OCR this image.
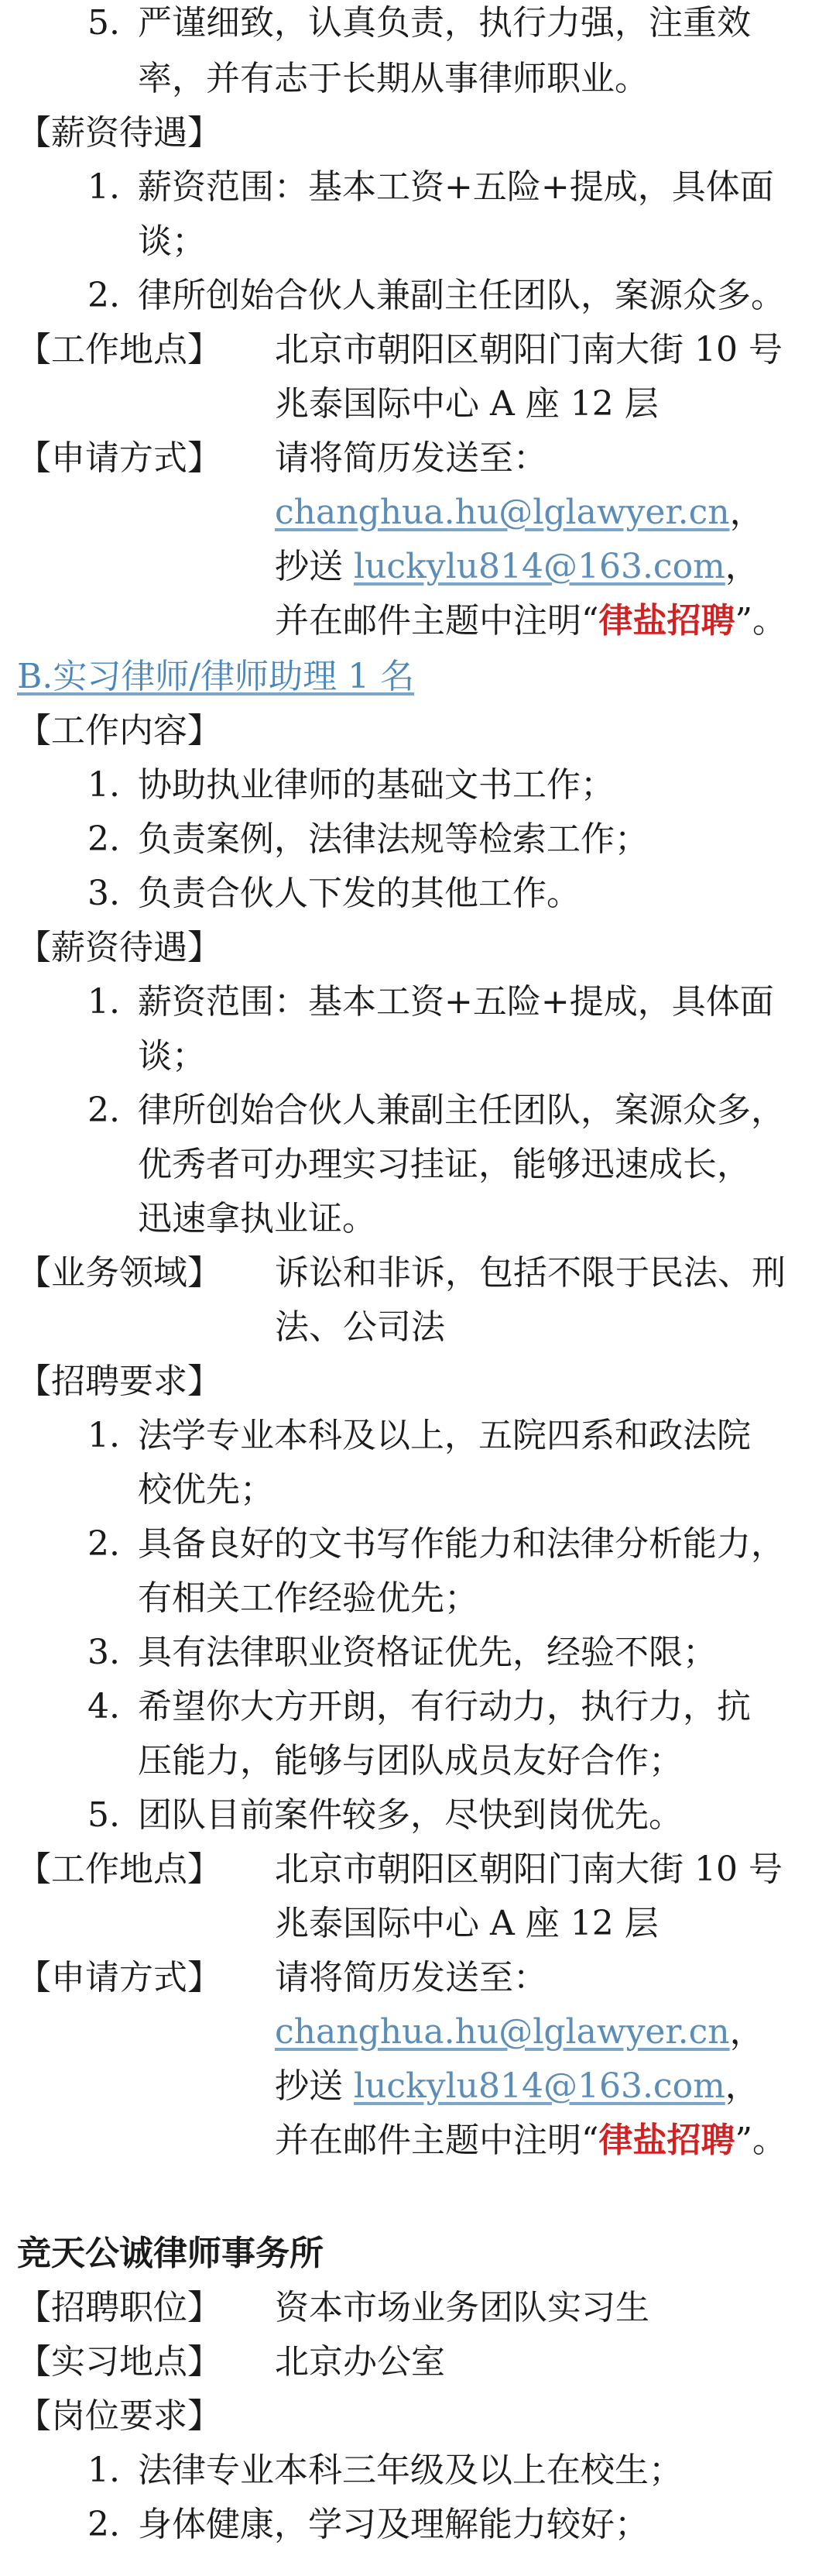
5. 严谨细致，认真负责，执行力强，注重效
率，并有志于长期从事律师职业。
【薪资待遇】
1. 薪资范围：基本工资+五险+提成，具体面
谈；
2. 律所创始合伙人兼副主任团队，案源众多。
【工作地点】 北京市朝阳区朝阳门南大街 10 号
兆泰国际中心 A 座 12 层
【申请方式】 请将简历发送至：
changhua.hu@lglawyer.cn，
抄送 luckylu814@163.com，
并在邮件主题中注明“律盐招聘”。
B.实习律师/律师助理 1 名
【工作内容】
1. 协助执业律师的基础文书工作；
2. 负责案例，法律法规等检索工作；
3. 负责合伙人下发的其他工作。
【薪资待遇】
1. 薪资范围：基本工资+五险+提成，具体面
谈；
2. 律所创始合伙人兼副主任团队，案源众多，
优秀者可办理实习挂证，能够迅速成长，
迅速拿执业证。
【业务领域】 诉讼和非诉，包括不限于民法、刑
法、公司法
【招聘要求】
1. 法学专业本科及以上，五院四系和政法院
校优先；
2. 具备良好的文书写作能力和法律分析能力，
有相关工作经验优先；
3. 具有法律职业资格证优先，经验不限；
4. 希望你大方开朗，有行动力，执行力，抗
压能力，能够与团队成员友好合作；
5. 团队目前案件较多，尽快到岗优先。
【工作地点】 北京市朝阳区朝阳门南大街 10 号
兆泰国际中心 A 座 12 层
【申请方式】 请将简历发送至：
changhua.hu@lglawyer.cn，
抄送 luckylu814@163.com，
并在邮件主题中注明“律盐招聘”。
竞天公诚律师事务所
【招聘职位】 资本市场业务团队实习生
【实习地点】 北京办公室
【岗位要求】
1. 法律专业本科三年级及以上在校生；
2. 身体健康，学习及理解能力较好；
